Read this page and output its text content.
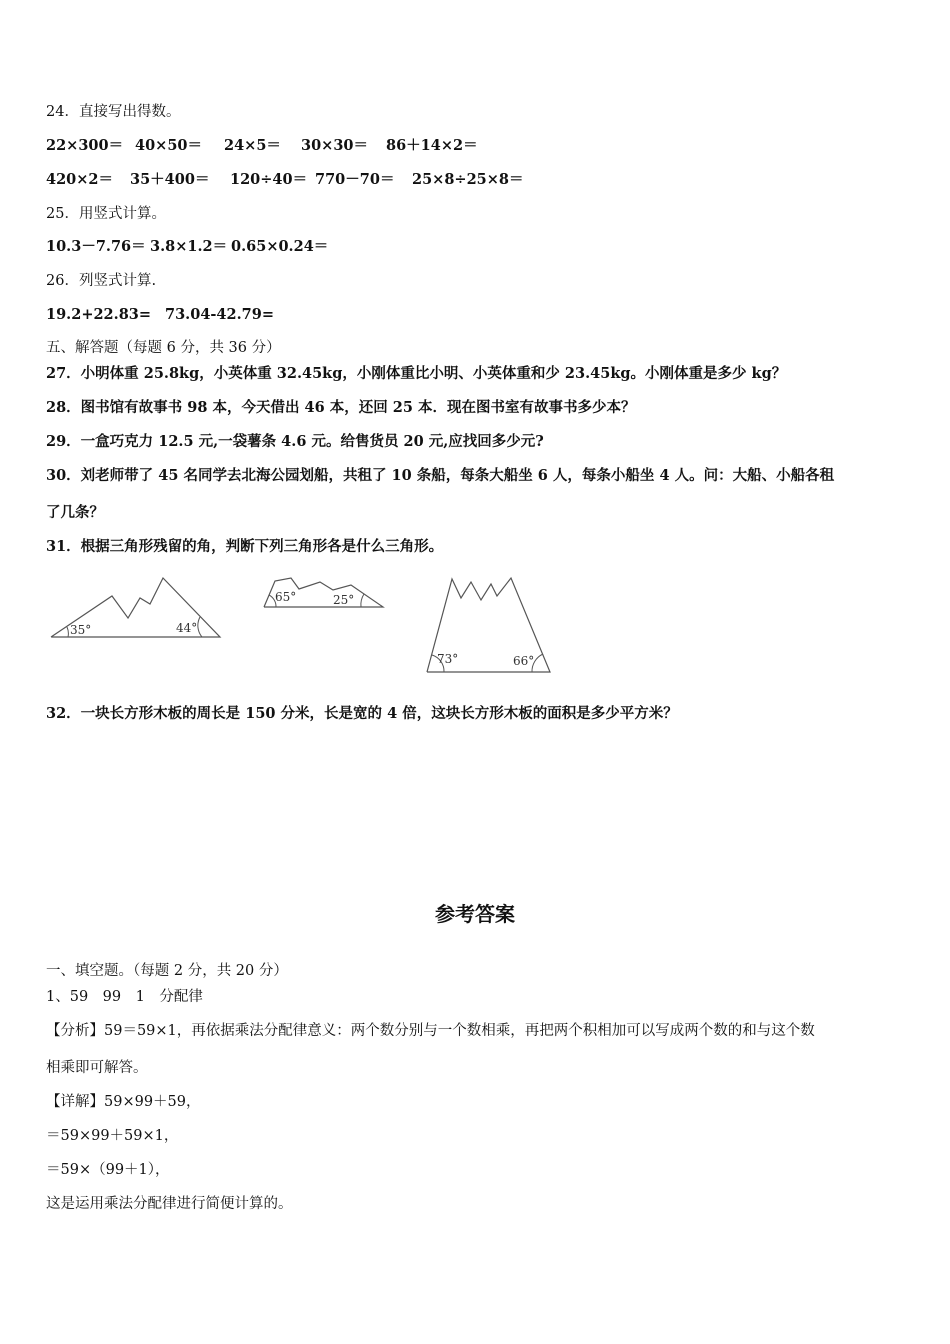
24．直接写出得数。
22×300＝ 40×50＝ 24×5＝ 30×30＝ 86＋14×2＝
420×2＝ 35＋400＝ 120÷40＝ 770－70＝ 25×8÷25×8＝
25．用竖式计算。
10.3－7.76＝ 3.8×1.2＝ 0.65×0.24＝
26．列竖式计算.
19.2+22.83= 73.04-42.79=
五、解答题（每题 6 分，共 36 分）
27．小明体重 25.8kg，小英体重 32.45kg，小刚体重比小明、小英体重和少 23.45kg。小刚体重是多少 kg？
28．图书馆有故事书 98 本，今天借出 46 本，还回 25 本．现在图书室有故事书多少本？
29．一盒巧克力 12.5 元,一袋薯条 4.6 元。给售货员 20 元,应找回多少元?
30．刘老师带了 45 名同学去北海公园划船，共租了 10 条船，每条大船坐 6 人，每条小船坐 4 人。问：大船、小船各租
了几条？
31．根据三角形残留的角，判断下列三角形各是什么三角形。
35°	44°
65°	25°
73°	66°
32．一块长方形木板的周长是 150 分米，长是宽的 4 倍，这块长方形木板的面积是多少平方米？
参考答案
一、填空题。（每题 2 分，共 20 分）
1、59　99　1　分配律
【分析】59＝59×1，再依据乘法分配律意义：两个数分别与一个数相乘，再把两个积相加可以写成两个数的和与这个数
相乘即可解答。
【详解】59×99＋59，
＝59×99＋59×1，
＝59×（99＋1），
这是运用乘法分配律进行简便计算的。
